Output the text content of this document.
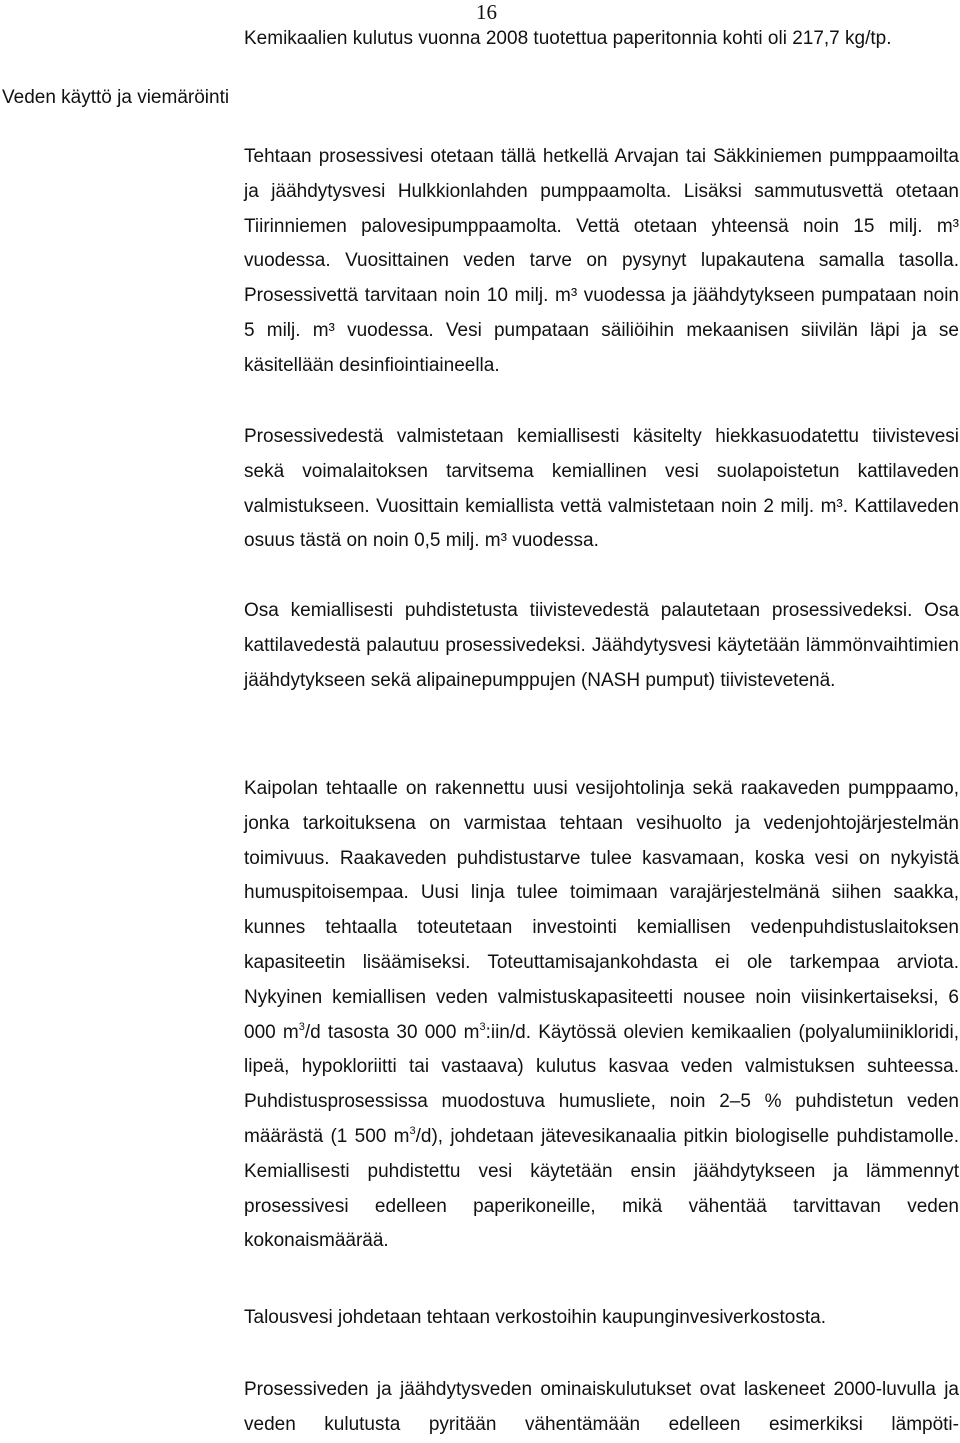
16
Kemikaalien kulutus vuonna 2008 tuotettua paperitonnia kohti oli 217,7 kg/tp.
Veden käyttö ja viemäröinti
Tehtaan prosessivesi otetaan tällä hetkellä Arvajan tai Säkkiniemen pumppaamoilta ja jäähdytysvesi Hulkkionlahden pumppaamolta. Lisäksi sammutusvettä otetaan Tiirinniemen palovesipumppaamolta. Vettä otetaan yhteensä noin 15 milj. m³ vuodessa. Vuosittainen veden tarve on pysynyt lupakautena samalla tasolla. Prosessivettä tarvitaan noin 10 milj. m³ vuodessa ja jäähdytykseen pumpataan noin 5 milj. m³ vuodessa. Vesi pumpataan säiliöihin mekaanisen siivilän läpi ja se käsitellään desinfiointiaineella.
Prosessivedestä valmistetaan kemiallisesti käsitelty hiekkasuodatettu tiivistevesi sekä voimalaitoksen tarvitsema kemiallinen vesi suolapoistetun kattilaveden valmistukseen. Vuosittain kemiallista vettä valmistetaan noin 2 milj. m³. Kattilaveden osuus tästä on noin 0,5 milj. m³ vuodessa.
Osa kemiallisesti puhdistetusta tiivistevedestä palautetaan prosessivedeksi. Osa kattilavedestä palautuu prosessivedeksi. Jäähdytysvesi käytetään lämmönvaihtimien jäähdytykseen sekä alipainepumppujen (NASH pumput) tiivistevetenä.
Kaipolan tehtaalle on rakennettu uusi vesijohtolinja sekä raakaveden pumppaamo, jonka tarkoituksena on varmistaa tehtaan vesihuolto ja vedenjohtojärjestelmän toimivuus. Raakaveden puhdistustarve tulee kasvamaan, koska vesi on nykyistä humuspitoisempaa. Uusi linja tulee toimimaan varajärjestelmänä siihen saakka, kunnes tehtaalla toteutetaan investointi kemiallisen vedenpuhdistuslaitoksen kapasiteetin lisäämiseksi. Toteuttamisajankohdasta ei ole tarkempaa arviota. Nykyinen kemiallisen veden valmistuskapasiteetti nousee noin viisinkertaiseksi, 6 000 $m^3/d$ tasosta 30 000 $m^3:iin/d$. Käytössä olevien kemikaalien (polyalumiinikloridi, lipeä, hypokloriitti tai vastaava) kulutus kasvaa veden valmistuksen suhteessa. Puhdistusprosessissa muodostuva humusliete, noin 2–5 % puhdistetun veden määrästä (1 500 $m^3/d$), johdetaan jätevesikanaalia pitkin biologiselle puhdistamolle. Kemiallisesti puhdistettu vesi käytetään ensin jäähdytykseen ja lämmennyt prosessivesi edelleen paperikoneille, mikä vähentää tarvittavan veden kokonaismäärää.
Talousvesi johdetaan tehtaan verkostoihin kaupunginvesiverkostosta.
Prosessiveden ja jäähdytysveden ominaiskulutukset ovat laskeneet 2000-luvulla ja veden kulutusta pyritään vähentämään edelleen esimerkiksi lämpöti-
